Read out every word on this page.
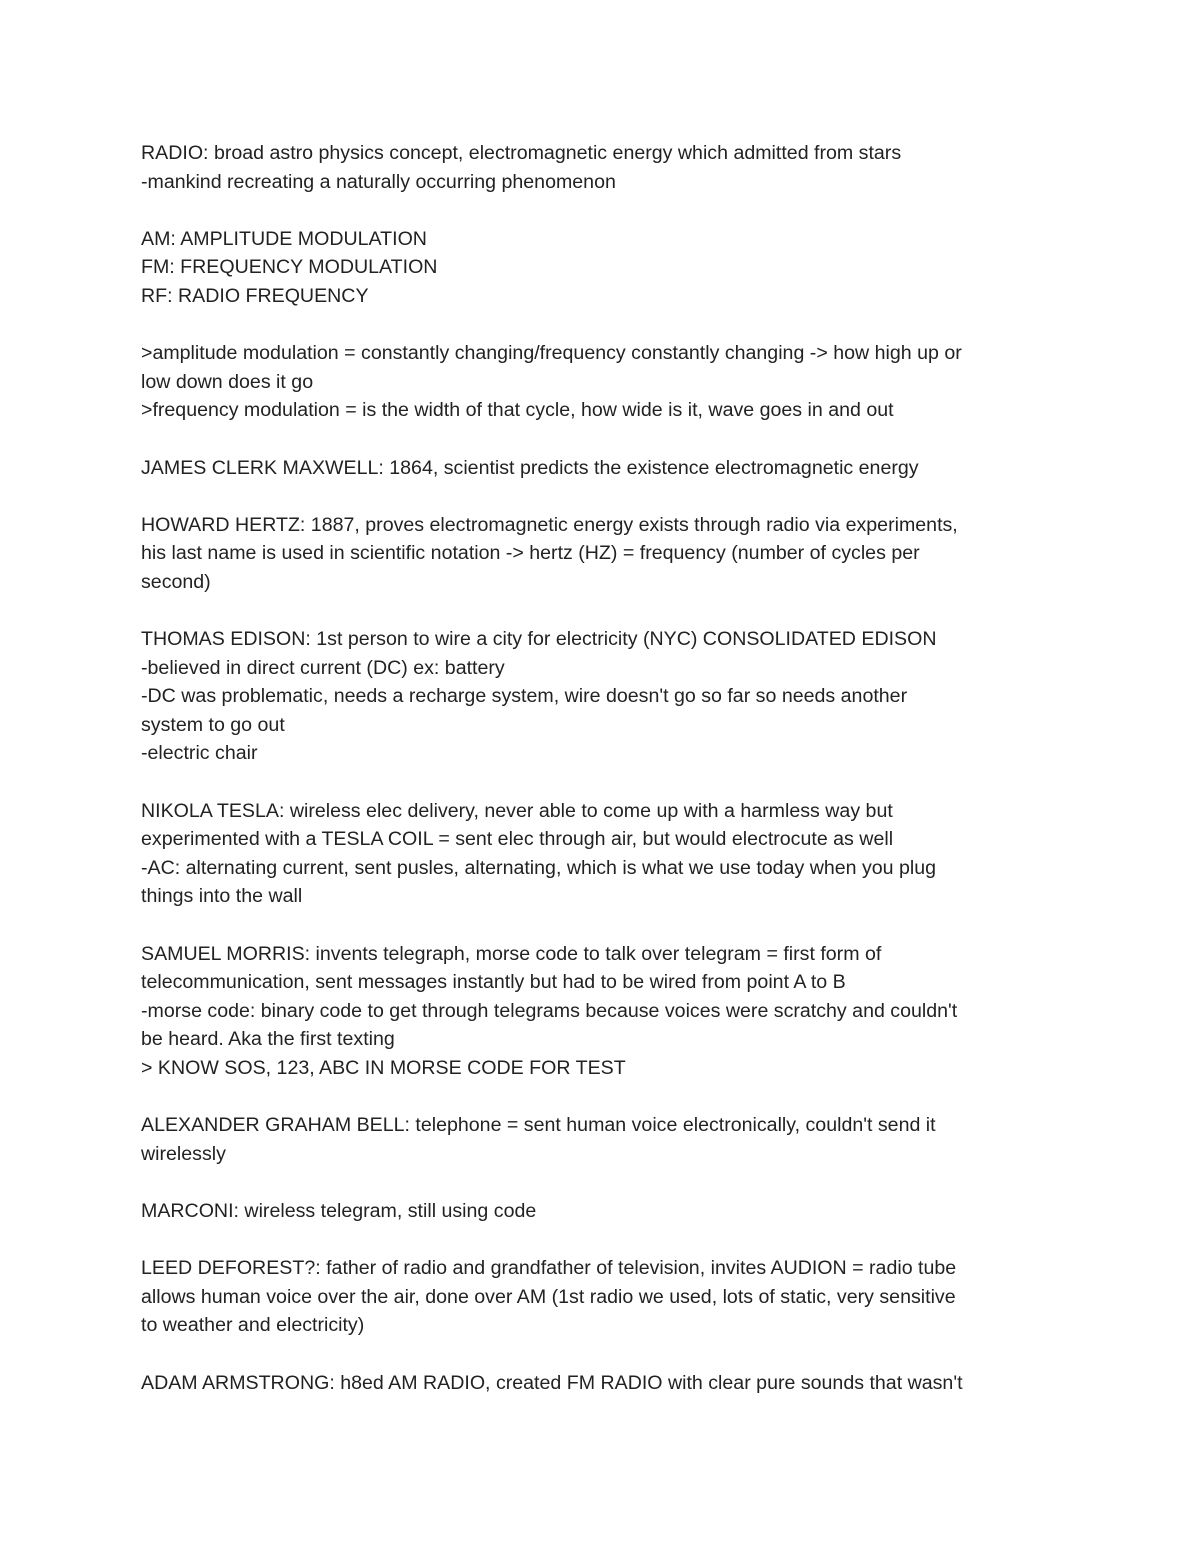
RADIO: broad astro physics concept, electromagnetic energy which admitted from stars
-mankind recreating a naturally occurring phenomenon
AM: AMPLITUDE MODULATION
FM: FREQUENCY MODULATION
RF: RADIO FREQUENCY
>amplitude modulation = constantly changing/frequency constantly changing -> how high up or
low down does it go
>frequency modulation = is the width of that cycle, how wide is it, wave goes in and out
JAMES CLERK MAXWELL: 1864, scientist predicts the existence electromagnetic energy
HOWARD HERTZ: 1887, proves electromagnetic energy exists through radio via experiments,
his last name is used in scientific notation -> hertz (HZ) = frequency (number of cycles per
second)
THOMAS EDISON: 1st person to wire a city for electricity (NYC) CONSOLIDATED EDISON
-believed in direct current (DC) ex: battery
-DC was problematic, needs a recharge system, wire doesn't go so far so needs another
system to go out
-electric chair
NIKOLA TESLA: wireless elec delivery, never able to come up with a harmless way but
experimented with a TESLA COIL = sent elec through air, but would electrocute as well
-AC: alternating current, sent pusles, alternating, which is what we use today when you plug
things into the wall
SAMUEL MORRIS: invents telegraph, morse code to talk over telegram = first form of
telecommunication, sent messages instantly but had to be wired from point A to B
-morse code: binary code to get through telegrams because voices were scratchy and couldn't
be heard. Aka the first texting
> KNOW SOS, 123, ABC IN MORSE CODE FOR TEST
ALEXANDER GRAHAM BELL: telephone = sent human voice electronically, couldn't send it
wirelessly
MARCONI: wireless telegram, still using code
LEED DEFOREST?: father of radio and grandfather of television, invites AUDION = radio tube
allows human voice over the air, done over AM (1st radio we used, lots of static, very sensitive
to weather and electricity)
ADAM ARMSTRONG: h8ed AM RADIO, created FM RADIO with clear pure sounds that wasn't
